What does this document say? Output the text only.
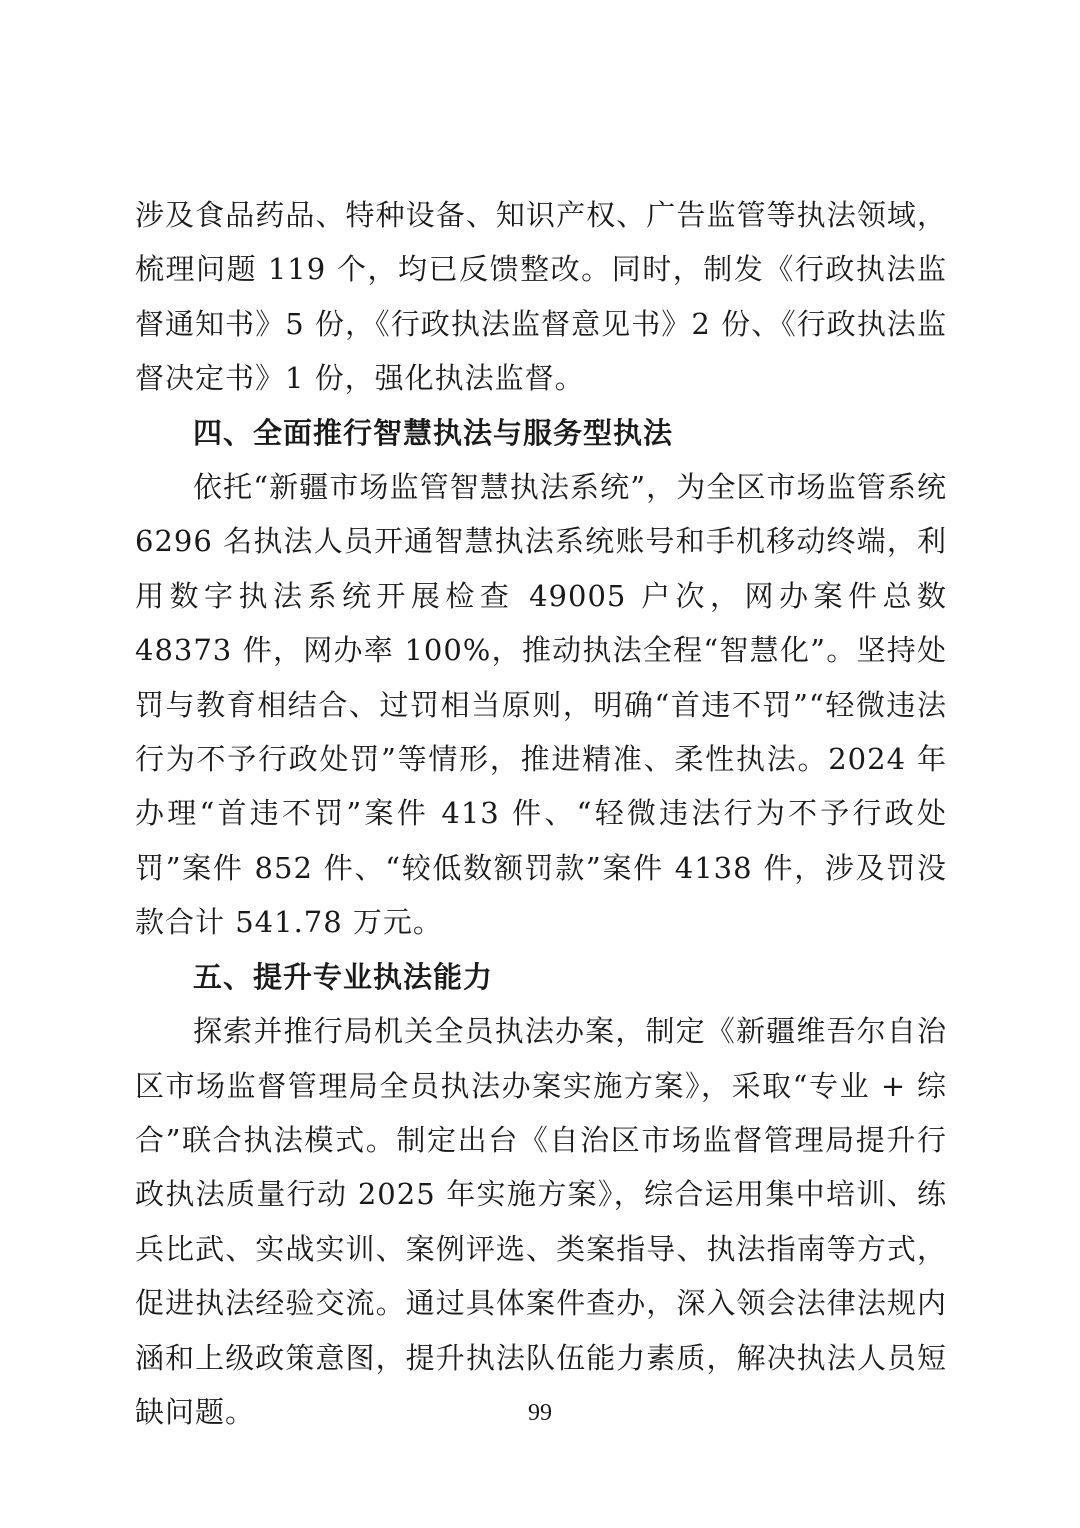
涉及食品药品、特种设备、知识产权、广告监管等执法领域，梳理问题 119 个，均已反馈整改。同时，制发《行政执法监督通知书》5 份，《行政执法监督意见书》2 份、《行政执法监督决定书》1 份，强化执法监督。

四、全面推行智慧执法与服务型执法

依托“新疆市场监管智慧执法系统”，为全区市场监管系统 6296 名执法人员开通智慧执法系统账号和手机移动终端，利用数字执法系统开展检查 49005 户次，网办案件总数 48373 件，网办率 100%，推动执法全程“智慧化”。坚持处罚与教育相结合、过罚相当原则，明确“首违不罚”“轻微违法行为不予行政处罚”等情形，推进精准、柔性执法。2024 年办理“首违不罚”案件 413 件、“轻微违法行为不予行政处罚”案件 852 件、“较低数额罚款”案件 4138 件，涉及罚没款合计 541.78 万元。

五、提升专业执法能力

探索并推行局机关全员执法办案，制定《新疆维吾尔自治区市场监督管理局全员执法办案实施方案》，采取“专业 + 综合”联合执法模式。制定出台《自治区市场监督管理局提升行政执法质量行动 2025 年实施方案》，综合运用集中培训、练兵比武、实战实训、案例评选、类案指导、执法指南等方式，促进执法经验交流。通过具体案件查办，深入领会法律法规内涵和上级政策意图，提升执法队伍能力素质，解决执法人员短缺问题。	99
